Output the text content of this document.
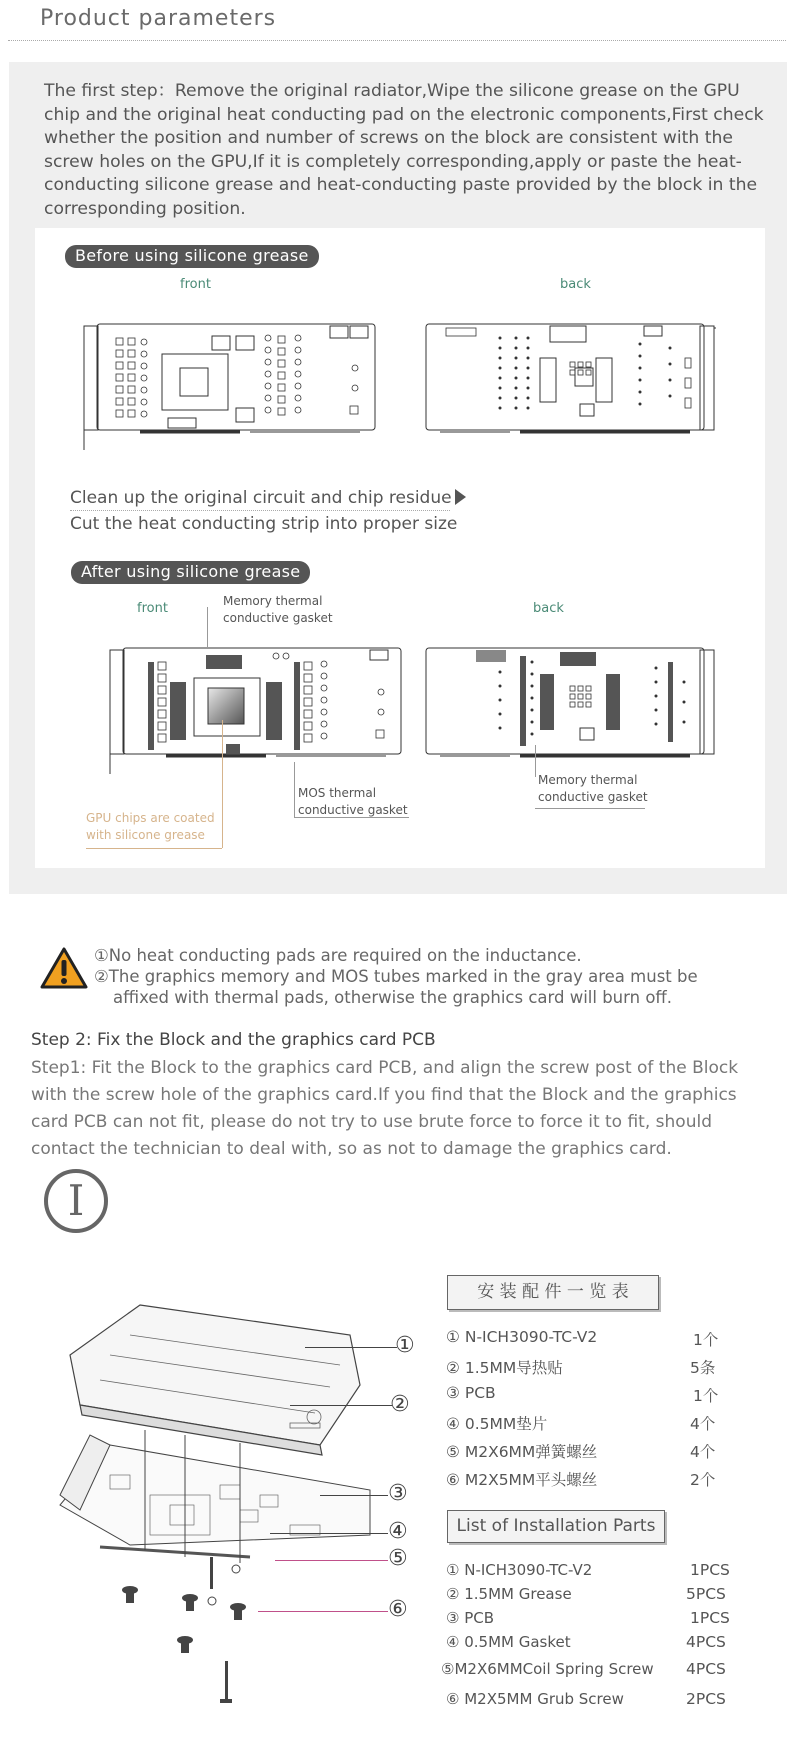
Product parameters
The first step：Remove the original radiator,Wipe the silicone grease on the GPU chip and the original heat conducting pad on the electronic components,First check whether the position and number of screws on the block are consistent with the screw holes on the GPU,If it is completely corresponding,apply or paste the heat-conducting silicone grease and heat-conducting paste provided by the block in the corresponding position.
Before using silicone grease
front	back
Clean up the original circuit and chip residue
Cut the heat conducting strip into proper size
After using silicone grease
front	back
Memory thermal
conductive gasket
MOS thermal
conductive gasket
Memory thermal
conductive gasket
GPU chips are coated
with silicone grease
①No heat conducting pads are required on the inductance.
②The graphics memory and MOS tubes marked in the gray area must be
affixed with thermal pads, otherwise the graphics card will burn off.
Step 2: Fix the Block and the graphics card PCB
Step1: Fit the Block to the graphics card PCB, and align the screw post of the Block with the screw hole of the graphics card.If you find that the Block and the graphics card PCB can not fit, please do not try to use brute force to force it to fit, should contact the technician to deal with, so as not to damage the graphics card.
Ⅰ
①
②
③
④
⑤
⑥
安 装 配 件 一 览 表
① N-ICH3090-TC-V2	1个
② 1.5MM导热贴	5条
③ PCB	1个
④ 0.5MM垫片	4个
⑤ M2X6MM弹簧螺丝	4个
⑥ M2X5MM平头螺丝	2个
List of Installation Parts
① N-ICH3090-TC-V2	1PCS
② 1.5MM Grease	5PCS
③ PCB	1PCS
④ 0.5MM Gasket	4PCS
⑤M2X6MMCoil Spring Screw 4PCS
⑥ M2X5MM Grub Screw	2PCS
